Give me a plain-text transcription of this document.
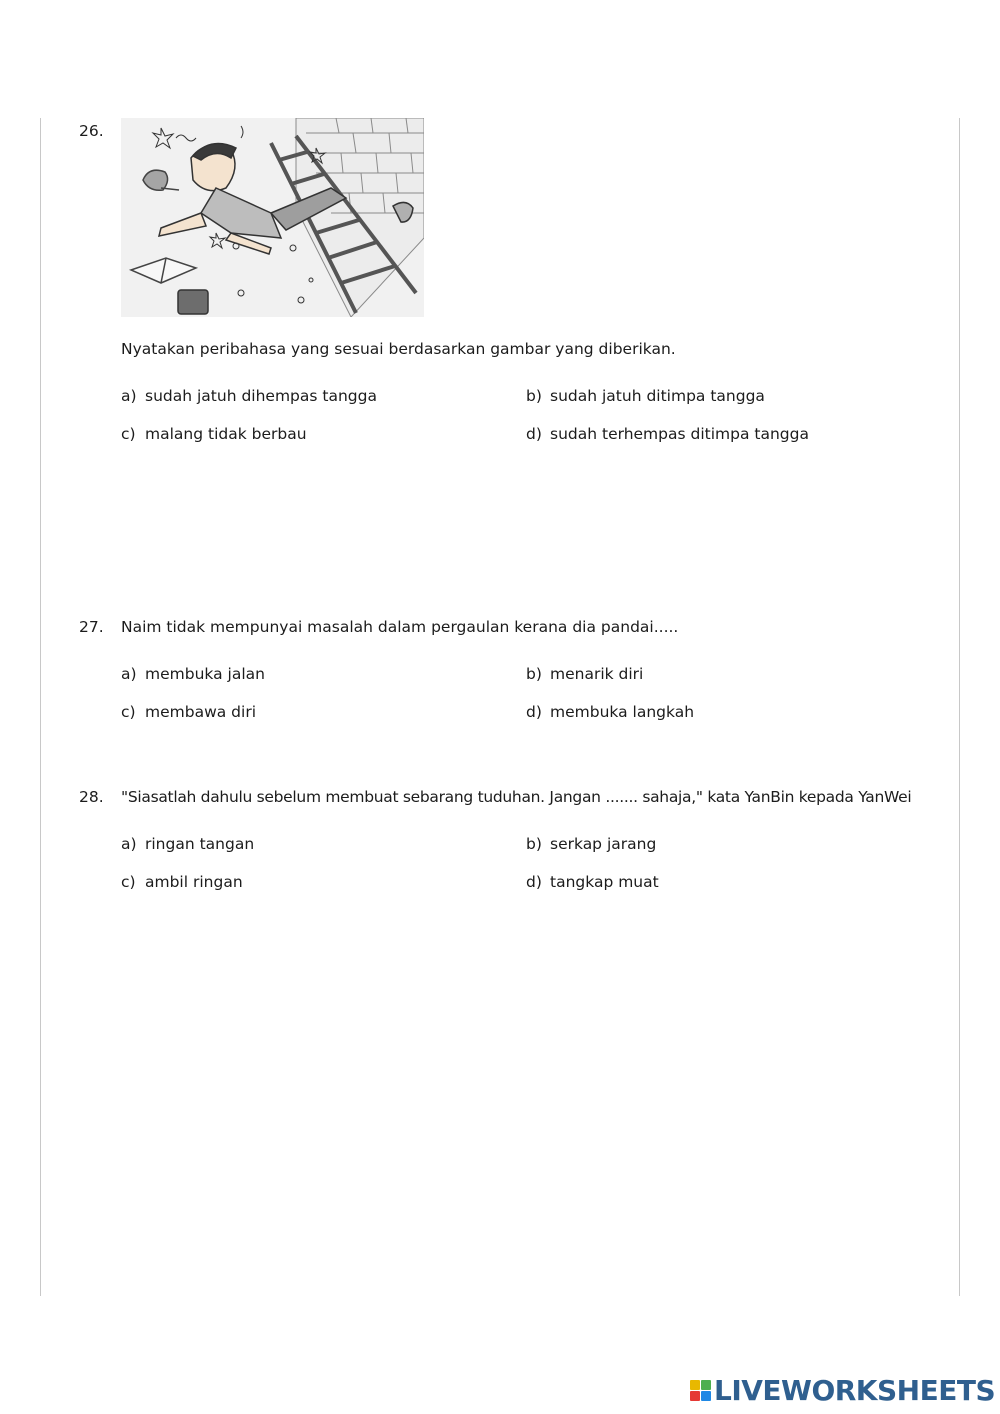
26.
Nyatakan peribahasa yang sesuai berdasarkan gambar yang diberikan.
a) sudah jatuh dihempas tangga	b) sudah jatuh ditimpa tangga
c) malang tidak berbau	d) sudah terhempas ditimpa tangga
27. Naim tidak mempunyai masalah dalam pergaulan kerana dia pandai.....
a) membuka jalan	b) menarik diri
c) membawa diri	d) membuka langkah
28. "Siasatlah dahulu sebelum membuat sebarang tuduhan. Jangan ....... sahaja," kata YanBin kepada YanWei
a) ringan tangan	b) serkap jarang
c) ambil ringan	d) tangkap muat
LIVEWORKSHEETS
